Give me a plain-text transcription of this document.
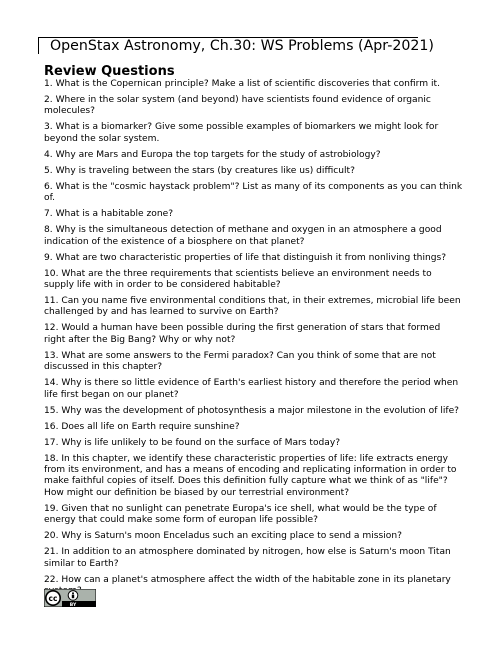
OpenStax Astronomy, Ch.30: WS Problems (Apr-2021)
Review Questions
1. What is the Copernican principle? Make a list of scientific discoveries that confirm it.
2. Where in the solar system (and beyond) have scientists found evidence of organic molecules?
3. What is a biomarker? Give some possible examples of biomarkers we might look for beyond the solar system.
4. Why are Mars and Europa the top targets for the study of astrobiology?
5. Why is traveling between the stars (by creatures like us) difficult?
6. What is the "cosmic haystack problem"? List as many of its components as you can think of.
7. What is a habitable zone?
8. Why is the simultaneous detection of methane and oxygen in an atmosphere a good indication of the existence of a biosphere on that planet?
9. What are two characteristic properties of life that distinguish it from nonliving things?
10. What are the three requirements that scientists believe an environment needs to supply life with in order to be considered habitable?
11. Can you name five environmental conditions that, in their extremes, microbial life been challenged by and has learned to survive on Earth?
12. Would a human have been possible during the first generation of stars that formed right after the Big Bang? Why or why not?
13. What are some answers to the Fermi paradox? Can you think of some that are not discussed in this chapter?
14. Why is there so little evidence of Earth's earliest history and therefore the period when life first began on our planet?
15. Why was the development of photosynthesis a major milestone in the evolution of life?
16. Does all life on Earth require sunshine?
17. Why is life unlikely to be found on the surface of Mars today?
18. In this chapter, we identify these characteristic properties of life: life extracts energy from its environment, and has a means of encoding and replicating information in order to make faithful copies of itself. Does this definition fully capture what we think of as "life"? How might our definition be biased by our terrestrial environment?
19. Given that no sunlight can penetrate Europa's ice shell, what would be the type of energy that could make some form of europan life possible?
20. Why is Saturn's moon Enceladus such an exciting place to send a mission?
21. In addition to an atmosphere dominated by nitrogen, how else is Saturn's moon Titan similar to Earth?
22. How can a planet's atmosphere affect the width of the habitable zone in its planetary
cc
BY
